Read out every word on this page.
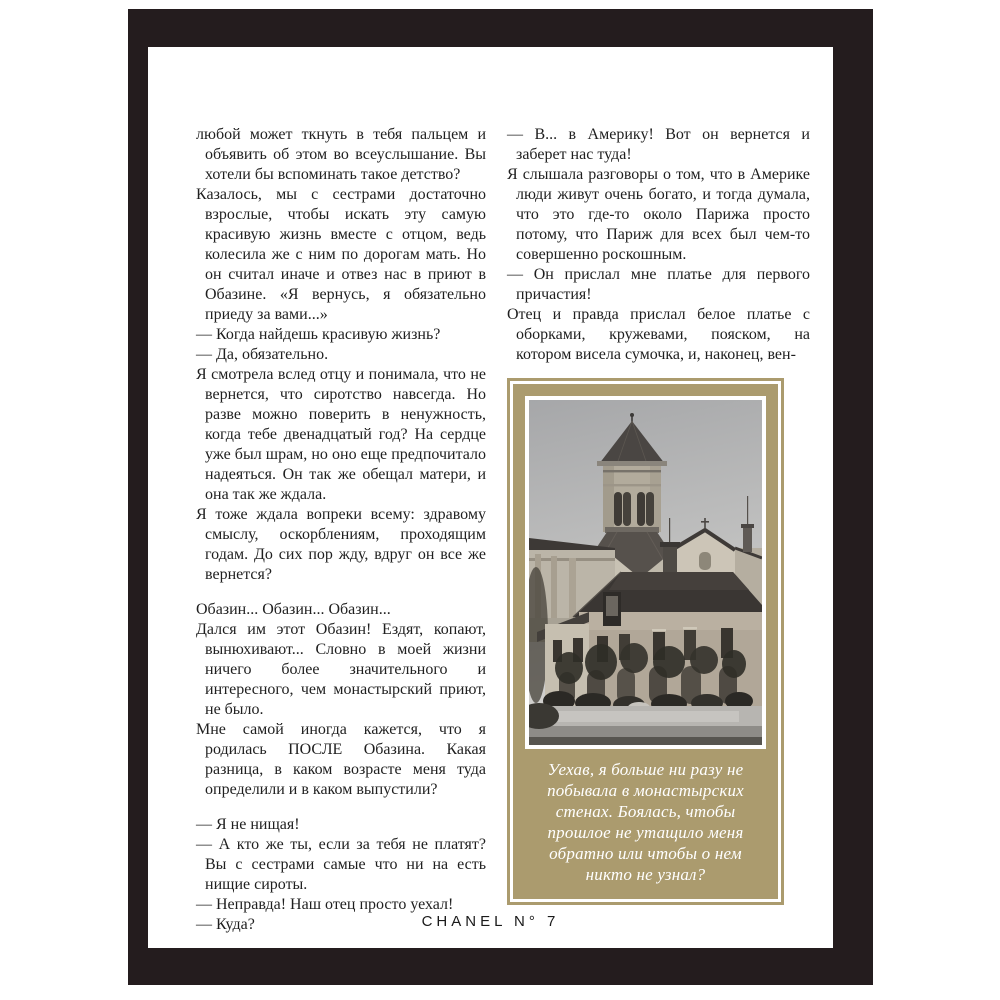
любой может ткнуть в тебя пальцем и объявить об этом во всеуслышание. Вы хотели бы вспоминать такое детство?

Казалось, мы с сестрами достаточно взрослые, чтобы искать эту самую красивую жизнь вместе с отцом, ведь колесила же с ним по дорогам мать. Но он считал иначе и отвез нас в приют в Обазине. «Я вернусь, я обязательно приеду за вами...»

— Когда найдешь красивую жизнь?

— Да, обязательно.

Я смотрела вслед отцу и понимала, что не вернется, что сиротство навсегда. Но разве можно поверить в ненужность, когда тебе двенадцатый год? На сердце уже был шрам, но оно еще предпочитало надеяться. Он так же обещал матери, и она так же ждала.

Я тоже ждала вопреки всему: здравому смыслу, оскорблениям, проходящим годам. До сих пор жду, вдруг он все же вернется?

Обазин... Обазин... Обазин...

Дался им этот Обазин! Ездят, копают, вынюхивают... Словно в моей жизни ничего более значительного и интересного, чем монастырский приют, не было.

Мне самой иногда кажется, что я родилась ПОСЛЕ Обазина. Какая разница, в каком возрасте меня туда определили и в каком выпустили?

— Я не нищая!

— А кто же ты, если за тебя не платят? Вы с сестрами самые что ни на есть нищие сироты.

— Неправда! Наш отец просто уехал!

— Куда?

— В... в Америку! Вот он вернется и заберет нас туда!

Я слышала разговоры о том, что в Америке люди живут очень богато, и тогда думала, что это где-то около Парижа просто потому, что Париж для всех был чем-то совершенно роскошным.

— Он прислал мне платье для первого причастия!

Отец и правда прислал белое платье с оборками, кружевами, пояском, на котором висела сумочка, и, наконец, вен-

Уехав, я больше ни разу не побывала в монастырских стенах. Боялась, чтобы прошлое не утащило меня обратно или чтобы о нем никто не узнал?
CHANEL N° 7
